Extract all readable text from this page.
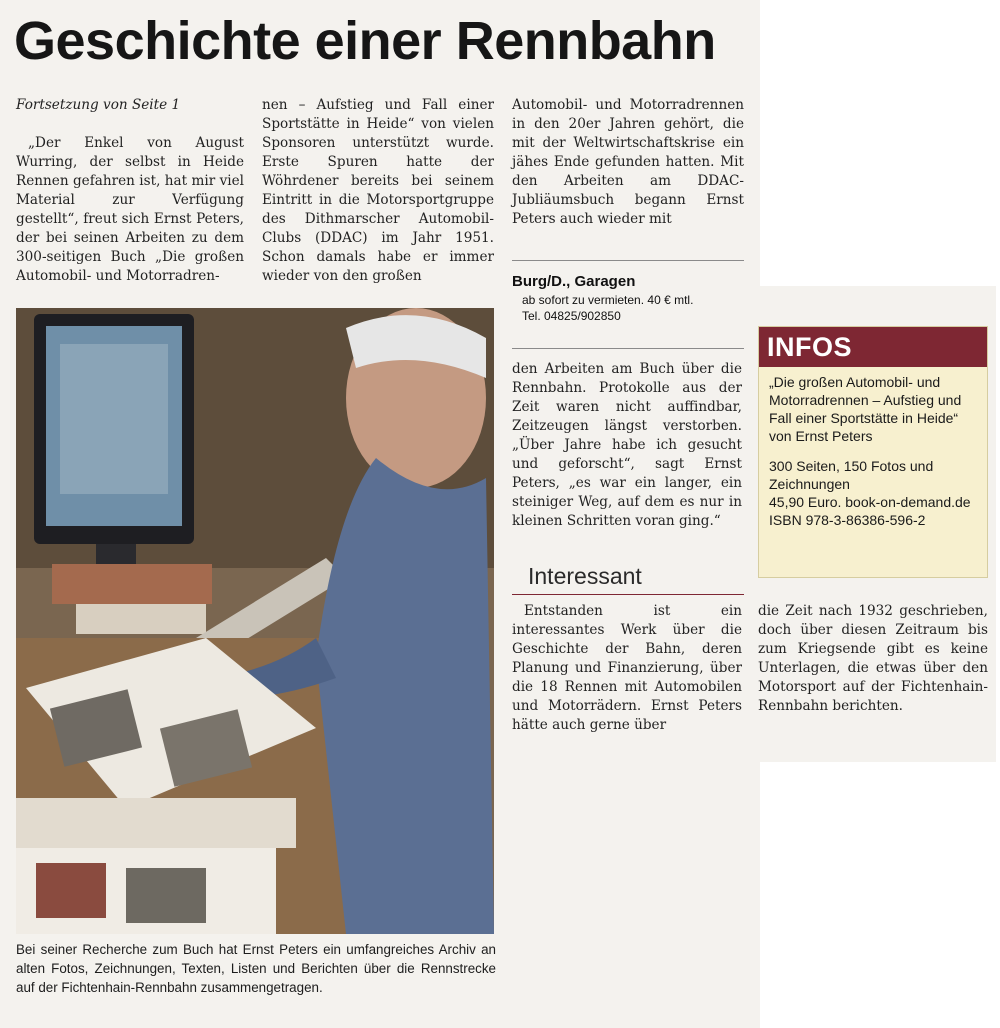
Geschichte einer Rennbahn

Fortsetzung von Seite 1

„Der Enkel von August Wurring, der selbst in Heide Rennen gefahren ist, hat mir viel Material zur Verfügung gestellt“, freut sich Ernst Peters, der bei seinen Arbeiten zu dem 300-seitigen Buch „Die großen Automobil- und Motorradren-

nen – Aufstieg und Fall einer Sportstätte in Heide“ von vielen Sponsoren unterstützt wurde. Erste Spuren hatte der Wöhrdener bereits bei seinem Eintritt in die Motorsportgruppe des Dithmarscher Automobil-Clubs (DDAC) im Jahr 1951. Schon damals habe er immer wieder von den großen

Automobil- und Motorradrennen in den 20er Jahren gehört, die mit der Weltwirtschaftskrise ein jähes Ende gefunden hatten. Mit den Arbeiten am DDAC-Jubliäumsbuch begann Ernst Peters auch wieder mit

Burg/D., Garagen
ab sofort zu vermieten. 40 € mtl.
Tel. 04825/902850

den Arbeiten am Buch über die Rennbahn. Protokolle aus der Zeit waren nicht auffindbar, Zeitzeugen längst verstorben. „Über Jahre habe ich gesucht und geforscht“, sagt Ernst Peters, „es war ein langer, ein steiniger Weg, auf dem es nur in kleinen Schritten voran ging.“

Interessant

Entstanden ist ein interessantes Werk über die Geschichte der Bahn, deren Planung und Finanzierung, über die 18 Rennen mit Automobilen und Motorrädern. Ernst Peters hätte auch gerne über

die Zeit nach 1932 geschrieben, doch über diesen Zeitraum bis zum Kriegsende gibt es keine Unterlagen, die etwas über den Motorsport auf der Fichtenhain-Rennbahn berichten.

Bei seiner Recherche zum Buch hat Ernst Peters ein umfangreiches Archiv an alten Fotos, Zeichnungen, Texten, Listen und Berichten über die Rennstrecke auf der Fichtenhain-Rennbahn zusammengetragen.
INFOS

„Die großen Automobil- und Motorradrennen – Aufstieg und Fall einer Sportstätte in Heide“
von Ernst Peters

300 Seiten, 150 Fotos und Zeichnungen
45,90 Euro. book-on-demand.de
ISBN 978-3-86386-596-2
